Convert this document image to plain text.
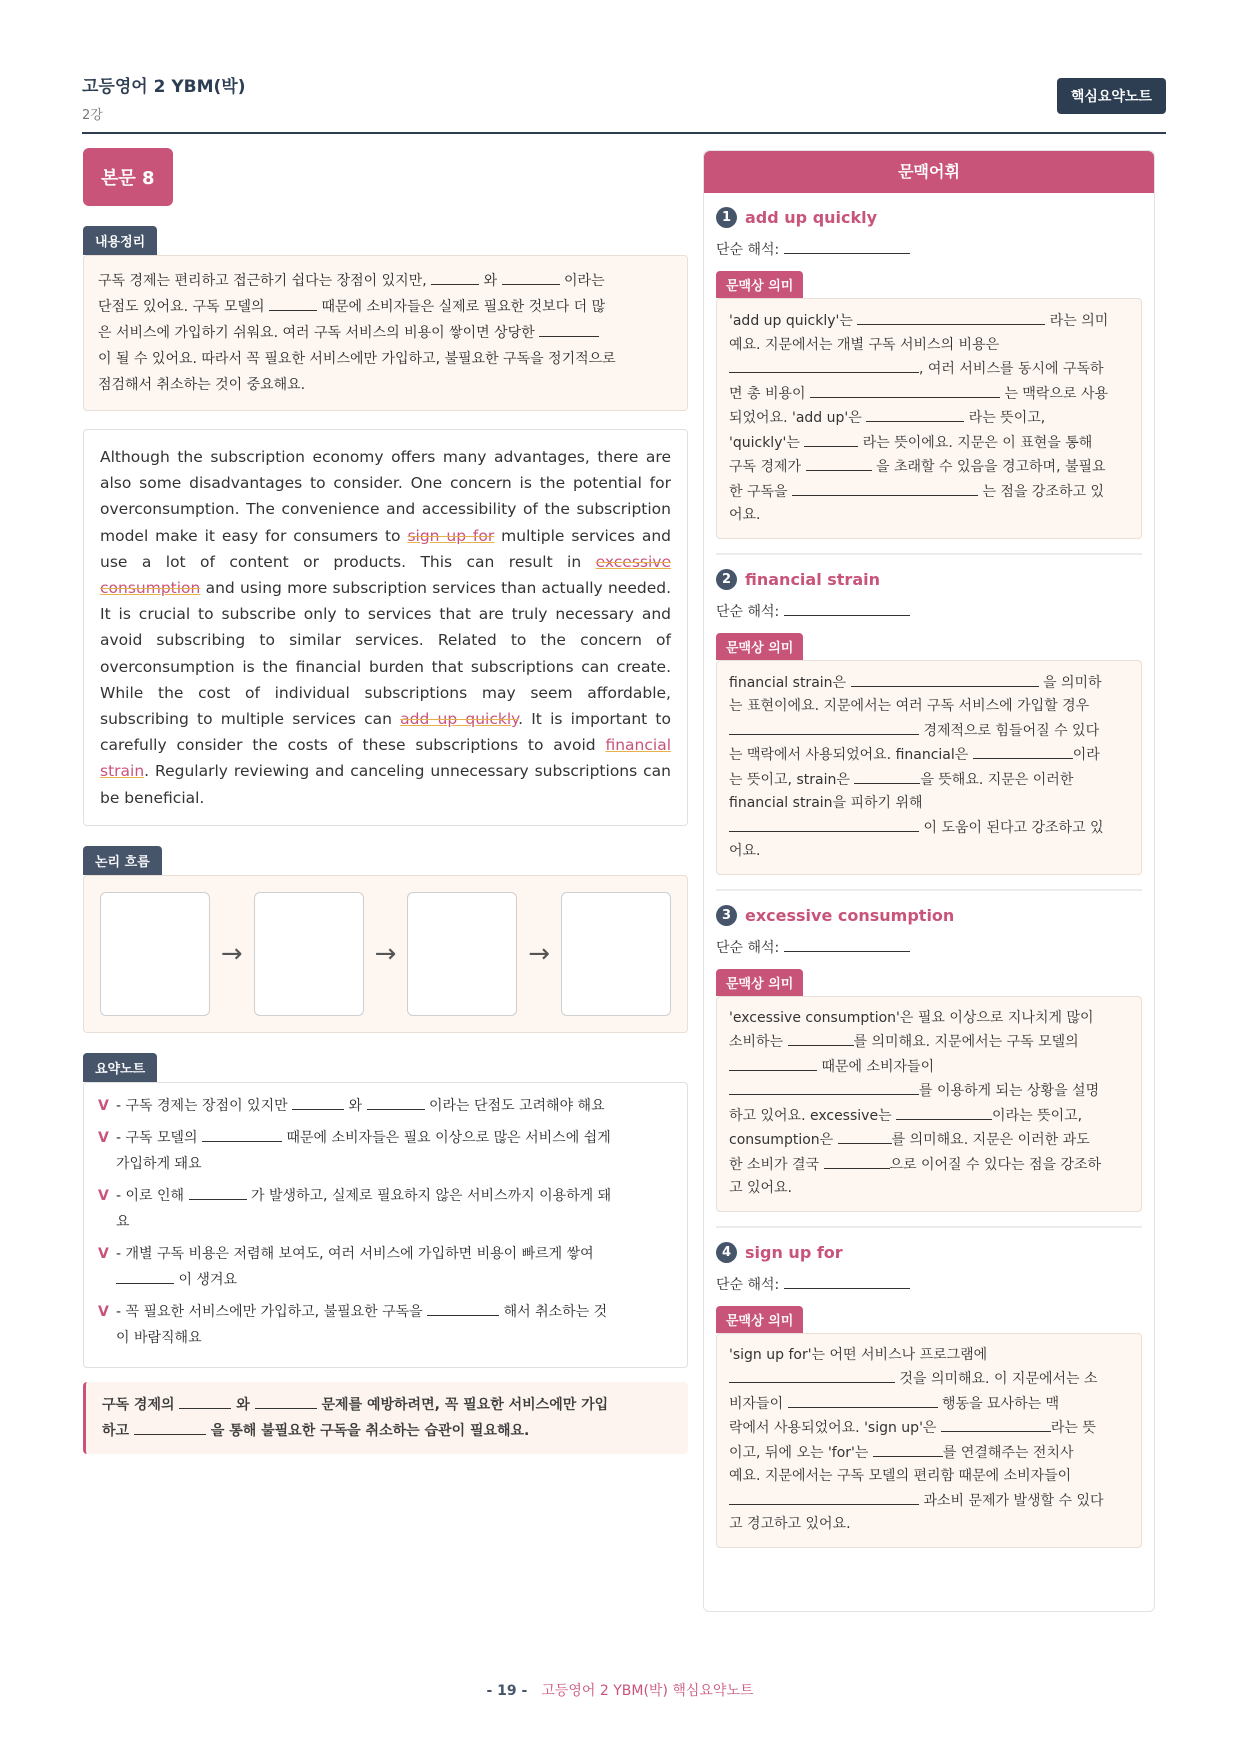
고등영어 2 YBM(박)
2강
핵심요약노트
본문 8
내용정리
구독 경제는 편리하고 접근하기 쉽다는 장점이 있지만,	와	이라는
단점도 있어요. 구독 모델의	때문에 소비자들은 실제로 필요한 것보다 더 많
은 서비스에 가입하기 쉬워요. 여러 구독 서비스의 비용이 쌓이면 상당한
이 될 수 있어요. 따라서 꼭 필요한 서비스에만 가입하고, 불필요한 구독을 정기적으로
점검해서 취소하는 것이 중요해요.
Although the subscription economy offers many advantages, there are also some disadvantages to consider. One concern is the potential for overconsumption. The convenience and accessibility of the subscription model make it easy for consumers to sign up for multiple services and use a lot of content or products. This can result in excessive consumption and using more subscription services than actually needed. It is crucial to subscribe only to services that are truly necessary and avoid subscribing to similar services. Related to the concern of overconsumption is the financial burden that subscriptions can create. While the cost of individual subscriptions may seem affordable, subscribing to multiple services can add up quickly. It is important to carefully consider the costs of these subscriptions to avoid financial strain. Regularly reviewing and canceling unnecessary subscriptions can be beneficial.
논리 흐름
→	→	→
요약노트
V - 구독 경제는 장점이 있지만	와	이라는 단점도 고려해야 해요
V - 구독 모델의	때문에 소비자들은 필요 이상으로 많은 서비스에 쉽게
가입하게 돼요
V - 이로 인해	가 발생하고, 실제로 필요하지 않은 서비스까지 이용하게 돼
요
V - 개별 구독 비용은 저렴해 보여도, 여러 서비스에 가입하면 비용이 빠르게 쌓여
이 생겨요
V - 꼭 필요한 서비스에만 가입하고, 불필요한 구독을	해서 취소하는 것
이 바람직해요
구독 경제의	와	문제를 예방하려면, 꼭 필요한 서비스에만 가입
하고	을 통해 불필요한 구독을 취소하는 습관이 필요해요.
문맥어휘
1 add up quickly
단순 해석:
문맥상 의미
'add up quickly'는	라는 의미
예요. 지문에서는 개별 구독 서비스의 비용은
, 여러 서비스를 동시에 구독하
면 총 비용이	는 맥락으로 사용
되었어요. 'add up'은	라는 뜻이고,
'quickly'는	라는 뜻이에요. 지문은 이 표현을 통해
구독 경제가	을 초래할 수 있음을 경고하며, 불필요
한 구독을	는 점을 강조하고 있
어요.
2 financial strain
단순 해석:
문맥상 의미
financial strain은	을 의미하
는 표현이에요. 지문에서는 여러 구독 서비스에 가입할 경우
경제적으로 힘들어질 수 있다
는 맥락에서 사용되었어요. financial은	이라
는 뜻이고, strain은	을 뜻해요. 지문은 이러한
financial strain을 피하기 위해
이 도움이 된다고 강조하고 있
어요.
3 excessive consumption
단순 해석:
문맥상 의미
'excessive consumption'은 필요 이상으로 지나치게 많이
소비하는	를 의미해요. 지문에서는 구독 모델의
때문에 소비자들이
를 이용하게 되는 상황을 설명
하고 있어요. excessive는	이라는 뜻이고,
consumption은	를 의미해요. 지문은 이러한 과도
한 소비가 결국	으로 이어질 수 있다는 점을 강조하
고 있어요.
4 sign up for
단순 해석:
문맥상 의미
'sign up for'는 어떤 서비스나 프로그램에
것을 의미해요. 이 지문에서는 소
비자들이	행동을 묘사하는 맥
락에서 사용되었어요. 'sign up'은	라는 뜻
이고, 뒤에 오는 'for'는	를 연결해주는 전치사
예요. 지문에서는 구독 모델의 편리함 때문에 소비자들이
과소비 문제가 발생할 수 있다
고 경고하고 있어요.
- 19 - 고등영어 2 YBM(박) 핵심요약노트
